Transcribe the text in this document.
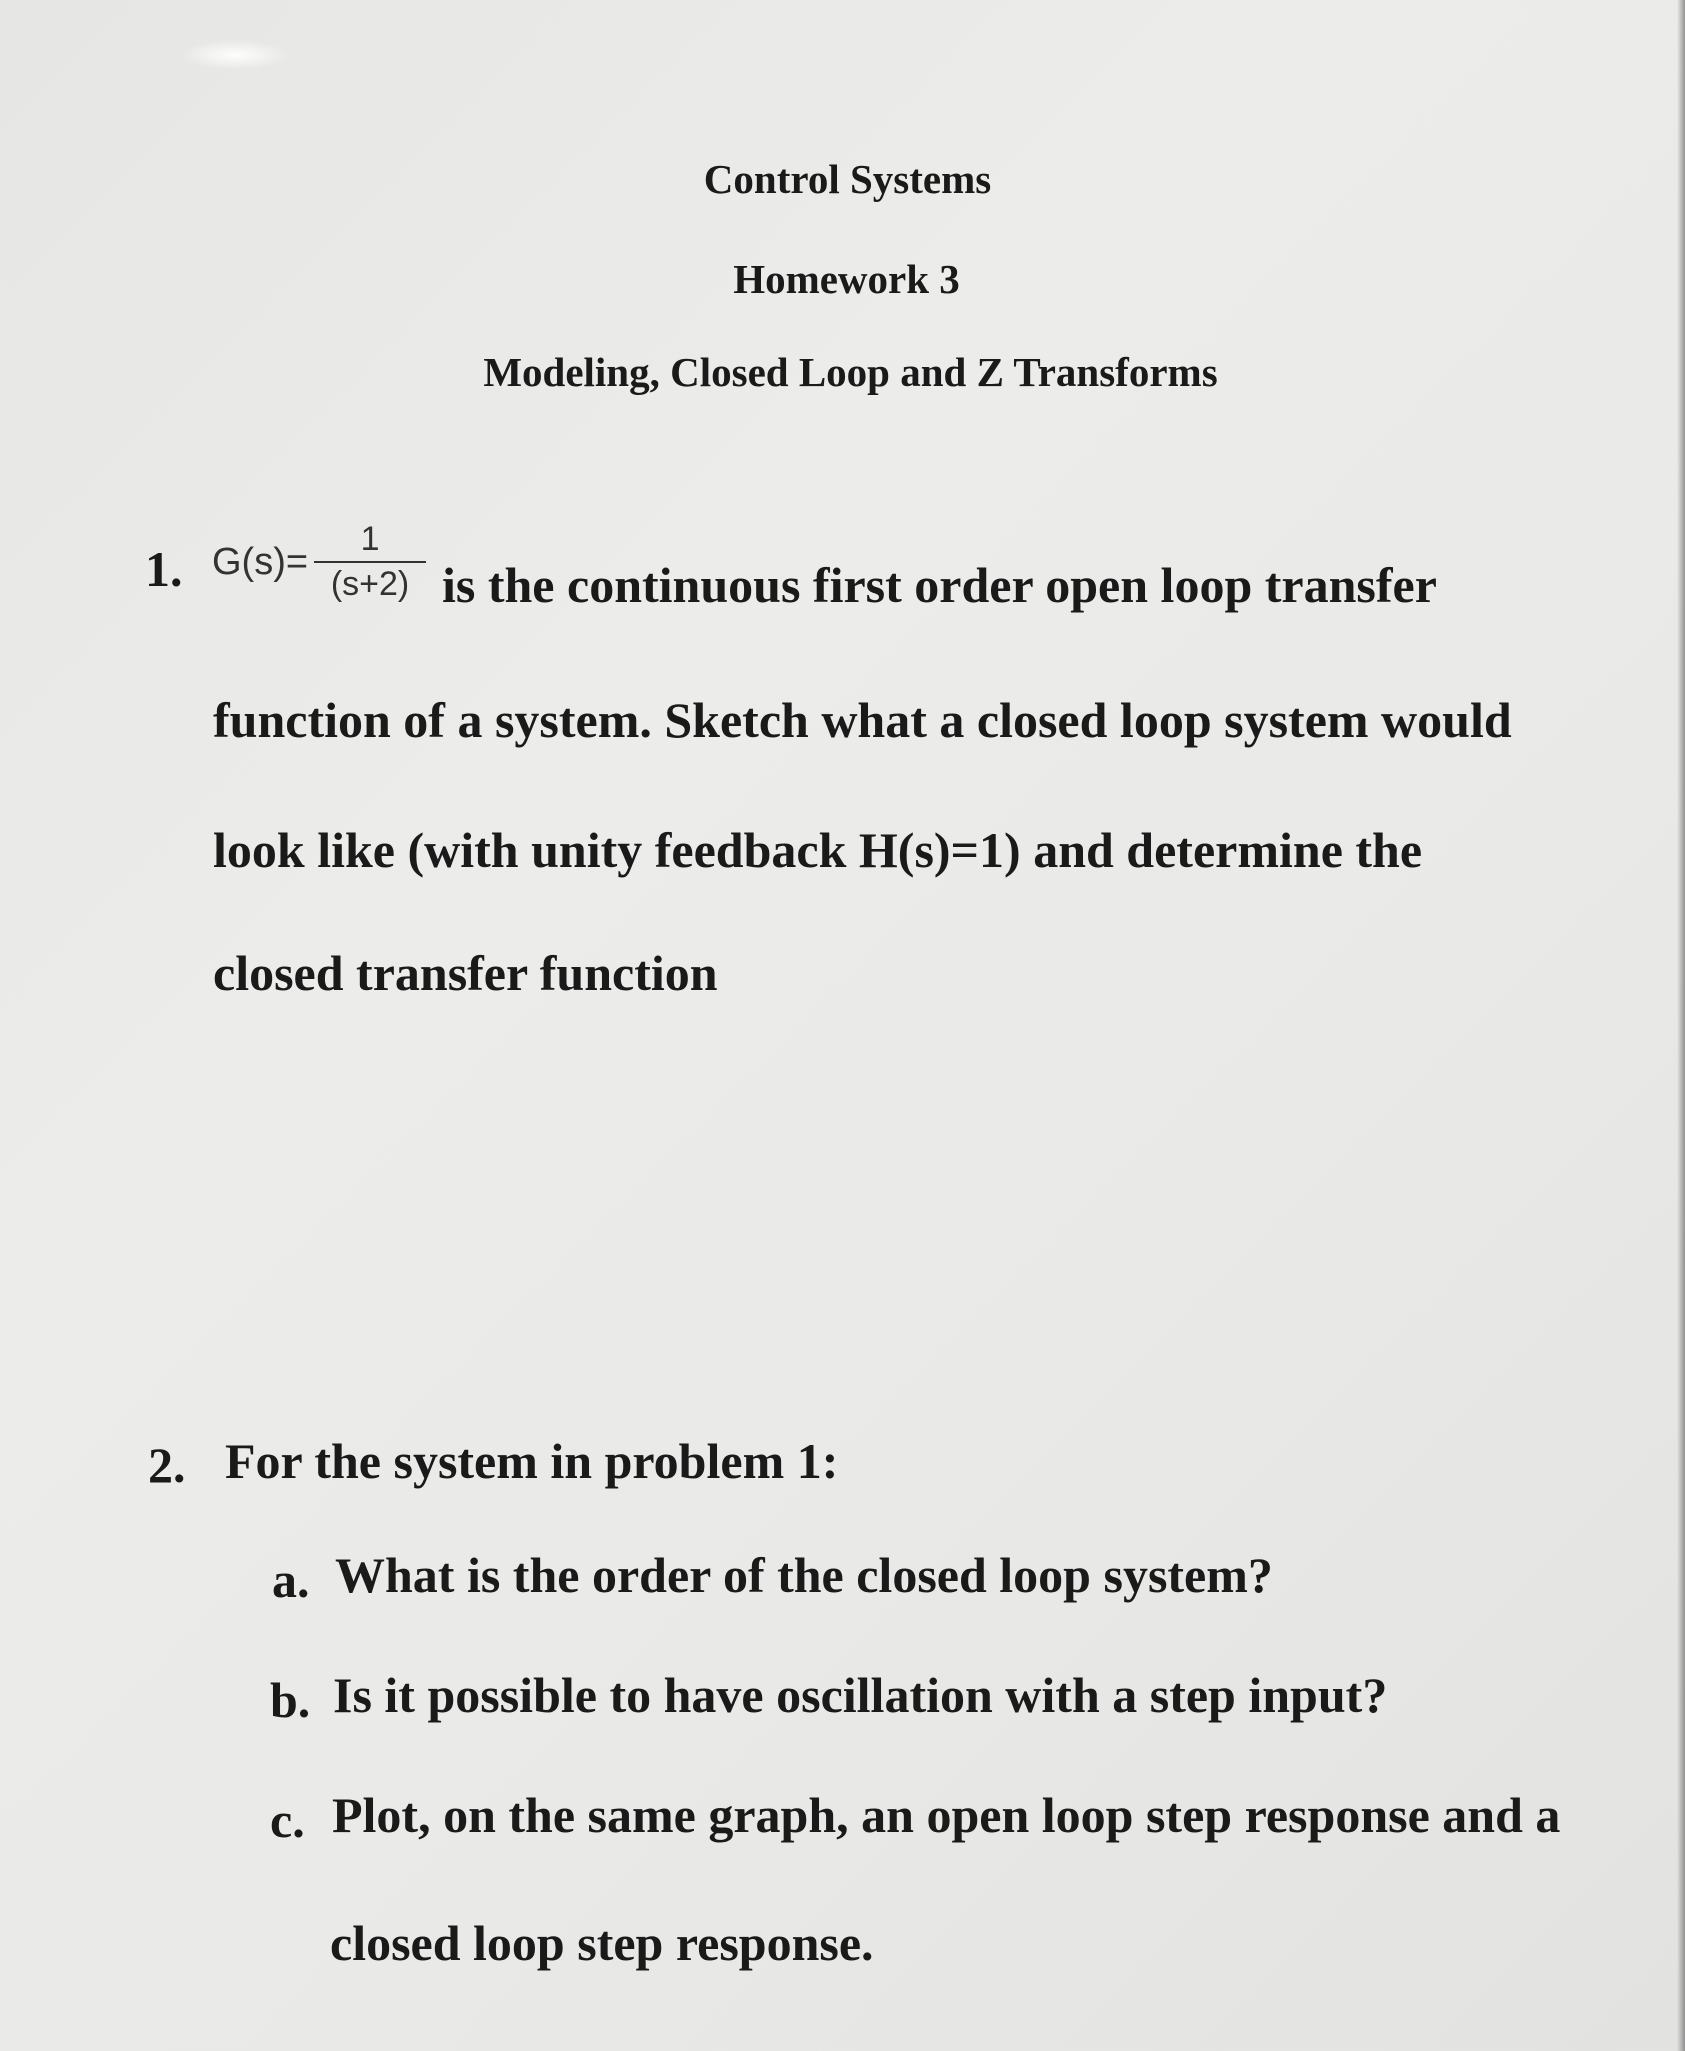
Control Systems
Homework 3
Modeling, Closed Loop and Z Transforms
1. $G(s)= \frac{1}{(s+2)}$ is the continuous first order open loop transfer
function of a system. Sketch what a closed loop system would
look like (with unity feedback H(s)=1) and determine the
closed transfer function
2. For the system in problem 1:
a. What is the order of the closed loop system?
b. Is it possible to have oscillation with a step input?
c. Plot, on the same graph, an open loop step response and a
closed loop step response.
